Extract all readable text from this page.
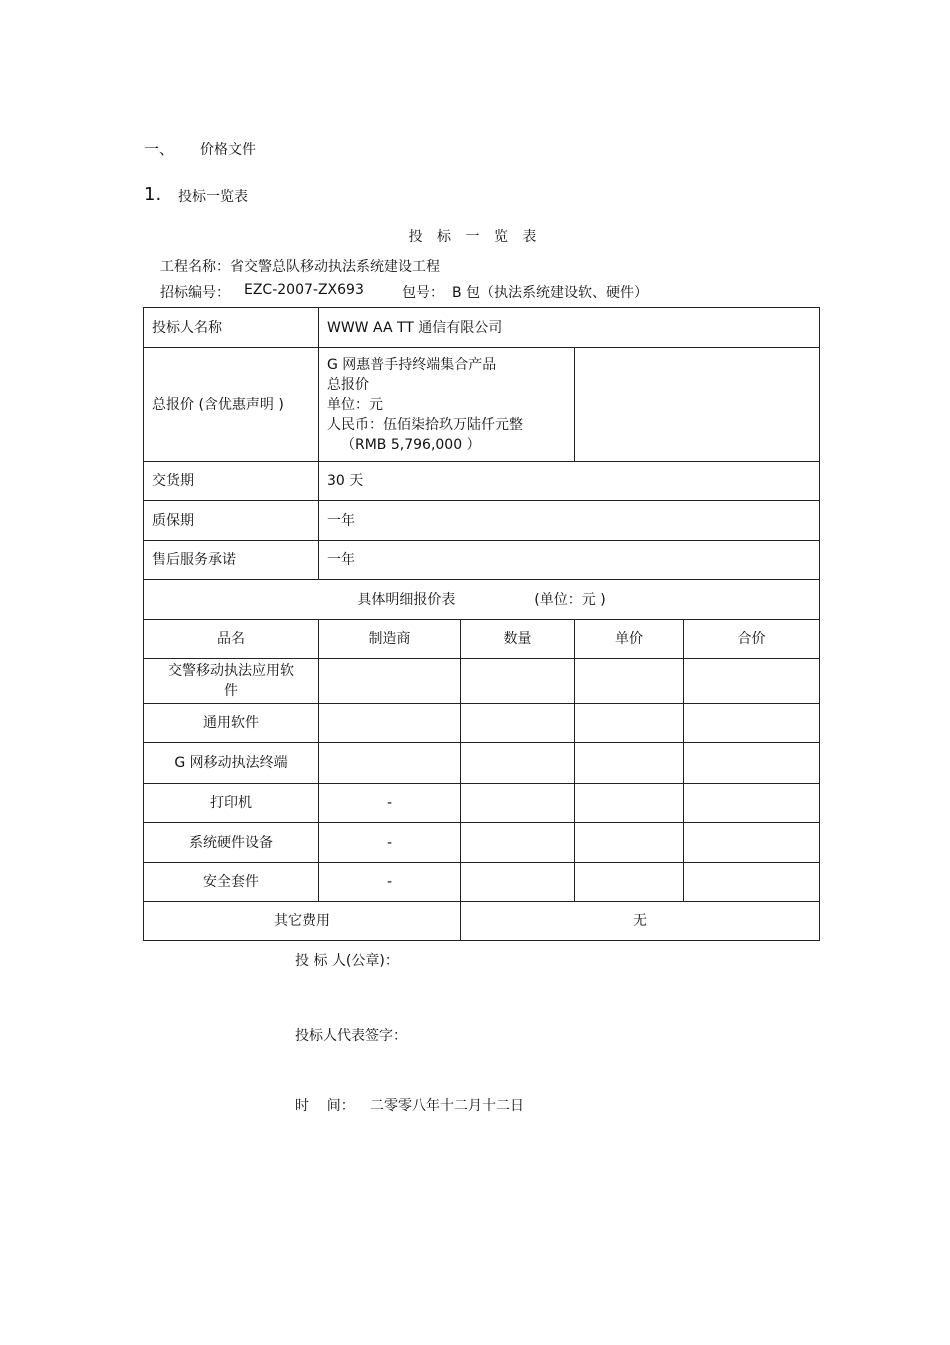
一、 价格文件
1. 投标一览表
投 标 一 览 表
工程名称：省交警总队移动执法系统建设工程
招标编号： EZC-2007-ZX693	包号： B 包（执法系统建设软、硬件）
投标人名称	WWW AA TT 通信有限公司			
总报价 (含优惠声明 )	G 网惠普手持终端集合产品
总报价
单位：元
人民币：伍佰柒拾玖万陆仟元整
（RMB 5,796,000 ）			

交货期	30 天			
质保期	一年			
售后服务承诺	一年			
具体明细报价表 (单位：元 )				
品名	制造商	数量	单价	合价
交警移动执法应用软件				
通用软件				
G 网移动执法终端				
打印机	-			
系统硬件设备	-			
安全套件	-			
其它费用		无		
投 标 人(公章)：
投标人代表签字：
时    间： 二零零八年十二月十二日
